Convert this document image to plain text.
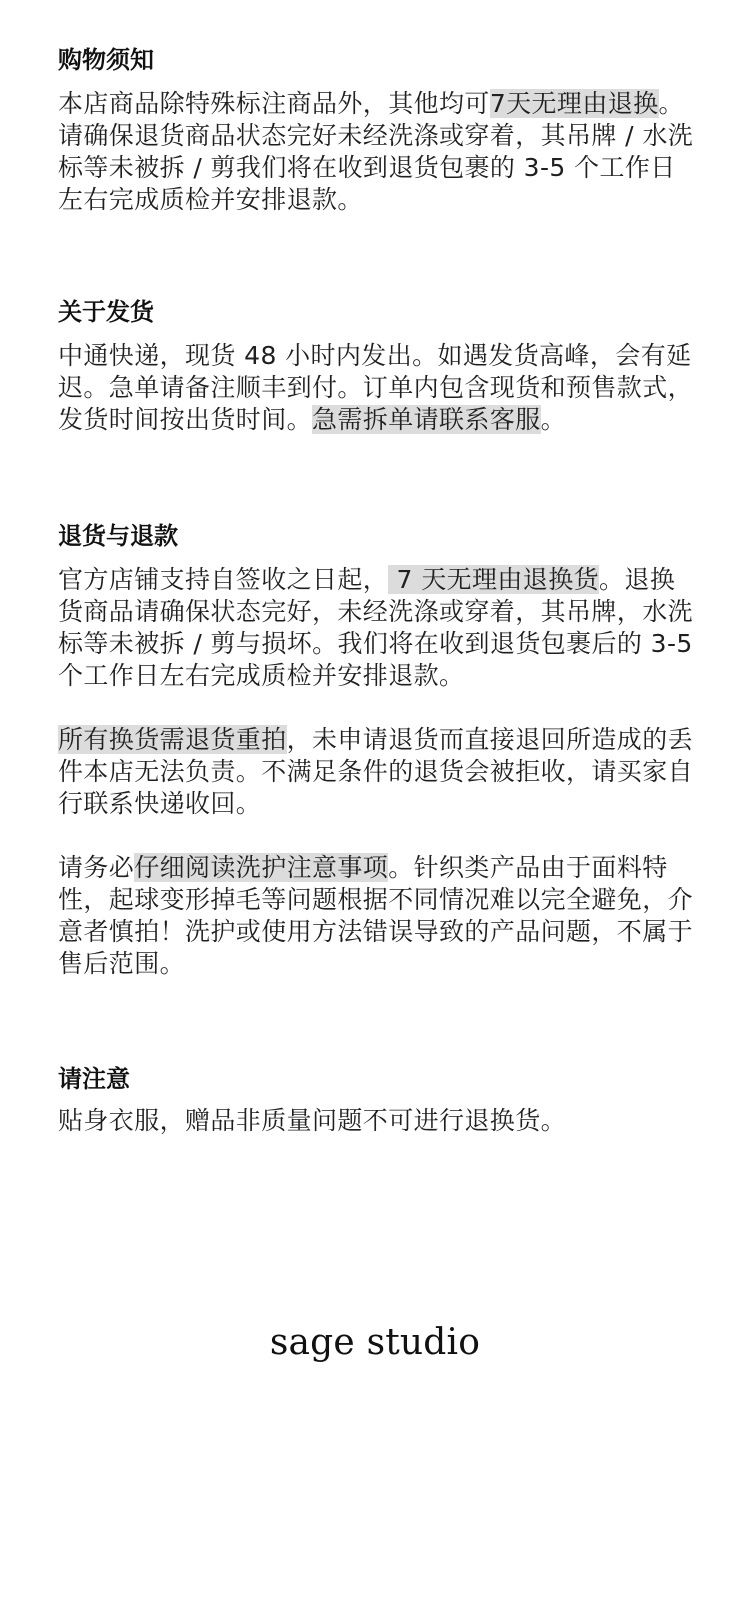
购物须知

本店商品除特殊标注商品外，其他均可7天无理由退换。请确保退货商品状态完好未经洗涤或穿着，其吊牌 / 水洗标等未被拆 / 剪我们将在收到退货包裹的 3-5 个工作日左右完成质检并安排退款。

关于发货

中通快递，现货 48 小时内发出。如遇发货高峰，会有延迟。急单请备注顺丰到付。订单内包含现货和预售款式，发货时间按出货时间。急需拆单请联系客服。

退货与退款

官方店铺支持自签收之日起， 7 天无理由退换货。退换货商品请确保状态完好，未经洗涤或穿着，其吊牌，水洗标等未被拆 / 剪与损坏。我们将在收到退货包裹后的 3-5 个工作日左右完成质检并安排退款。

所有换货需退货重拍，未申请退货而直接退回所造成的丢件本店无法负责。不满足条件的退货会被拒收，请买家自行联系快递收回。

请务必仔细阅读洗护注意事项。针织类产品由于面料特性，起球变形掉毛等问题根据不同情况难以完全避免，介意者慎拍！洗护或使用方法错误导致的产品问题，不属于售后范围。

请注意

贴身衣服，赠品非质量问题不可进行退换货。

sage studio
